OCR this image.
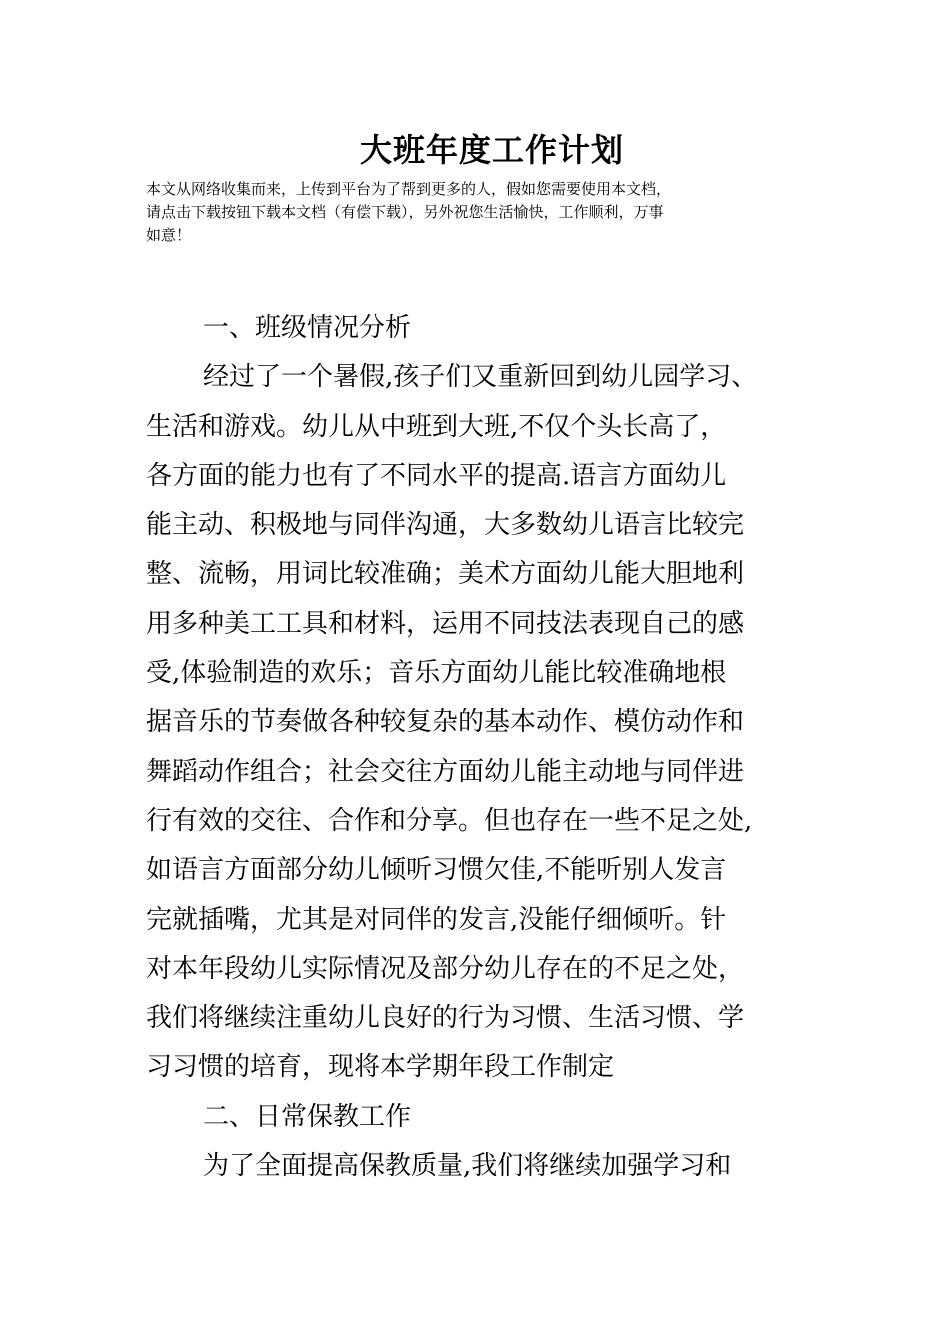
大班年度工作计划

本文从网络收集而来，上传到平台为了帮到更多的人，假如您需要使用本文档，
请点击下载按钮下载本文档（有偿下载），另外祝您生活愉快，工作顺利，万事
如意！

一、班级情况分析
经过了一个暑假,孩子们又重新回到幼儿园学习、
生活和游戏。幼儿从中班到大班,不仅个头长高了，
各方面的能力也有了不同水平的提高.语言方面幼儿
能主动、积极地与同伴沟通，大多数幼儿语言比较完
整、流畅，用词比较准确；美术方面幼儿能大胆地利
用多种美工工具和材料，运用不同技法表现自己的感
受,体验制造的欢乐；音乐方面幼儿能比较准确地根
据音乐的节奏做各种较复杂的基本动作、模仿动作和
舞蹈动作组合；社会交往方面幼儿能主动地与同伴进
行有效的交往、合作和分享。但也存在一些不足之处,
如语言方面部分幼儿倾听习惯欠佳,不能听别人发言
完就插嘴，尤其是对同伴的发言,没能仔细倾听。针
对本年段幼儿实际情况及部分幼儿存在的不足之处，
我们将继续注重幼儿良好的行为习惯、生活习惯、学
习习惯的培育，现将本学期年段工作制定
二、日常保教工作
为了全面提高保教质量,我们将继续加强学习和
